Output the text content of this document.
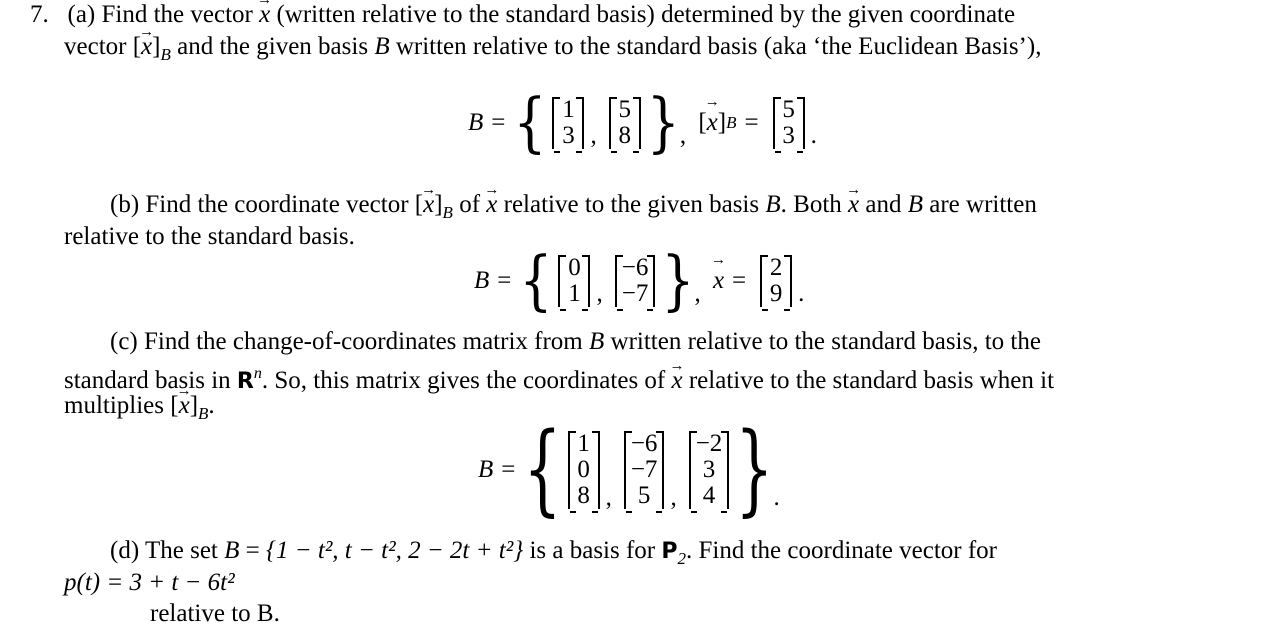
7. (a) Find the vector → x (written relative to the standard basis) determined by the given coordinate
vector [→ $x]_B$ and the given basis B written relative to the standard basis (aka ‘the Euclidean Basis’),
B = { 1
3 ,
5
8 } , [ → x ] B = 5
3 .
(b) Find the coordinate vector [→ $x]_B$ of → x relative to the given basis B. Both → x and B are written
relative to the standard basis.
B = { 0
1 ,
−6
−7 } ,
→ x = 2
9 .
(c) Find the change-of-coordinates matrix from B written relative to the standard basis, to the
standard basis in $R^n$. So, this matrix gives the coordinates of → x relative to the standard basis when it
multiplies [→ $x]_B$.
B = { 1
0
8 ,
−6
−7
5 ,
−2
3
4 } .
(d) The set B = {1 − t², t − t², 2 − 2t + t²} is a basis for $P_2$. Find the coordinate vector for
p(t) = 3 + t − 6t²
relative to B.
